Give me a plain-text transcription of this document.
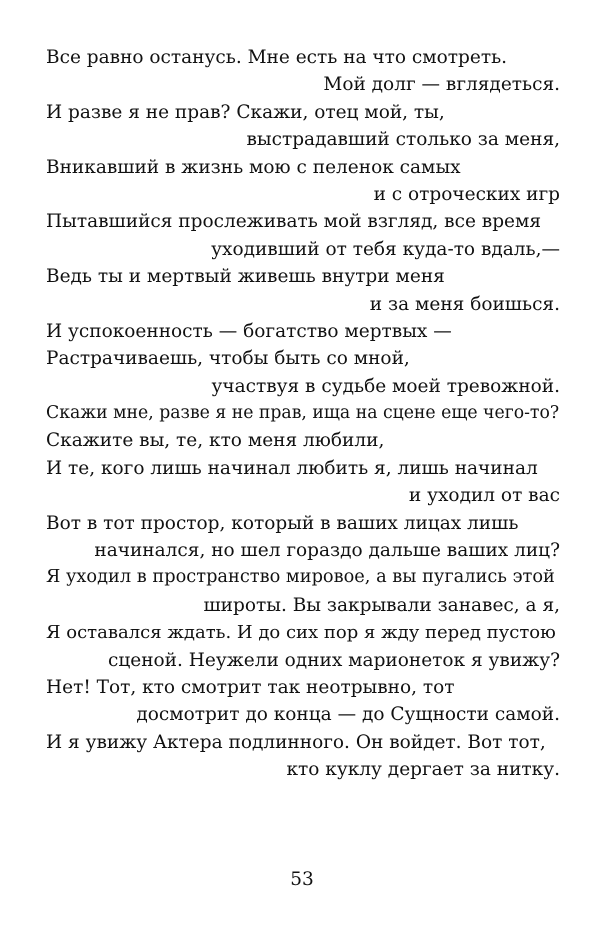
Все равно останусь. Мне есть на что смотреть.
Мой долг — вглядеться.
И разве я не прав? Скажи, отец мой, ты,
выстрадавший столько за меня,
Вникавший в жизнь мою с пеленок самых
и с отроческих игр
Пытавшийся прослеживать мой взгляд, все время
уходивший от тебя куда-то вдаль,—
Ведь ты и мертвый живешь внутри меня
и за меня боишься.
И успокоенность — богатство мертвых —
Растрачиваешь, чтобы быть со мной,
участвуя в судьбе моей тревожной.
Скажи мне, разве я не прав, ища на сцене еще чего-то?
Скажите вы, те, кто меня любили,
И те, кого лишь начинал любить я, лишь начинал
и уходил от вас
Вот в тот простор, который в ваших лицах лишь
начинался, но шел гораздо дальше ваших лиц?
Я уходил в пространство мировое, а вы пугались этой
широты. Вы закрывали занавес, а я,
Я оставался ждать. И до сих пор я жду перед пустою
сценой. Неужели одних марионеток я увижу?
Нет! Тот, кто смотрит так неотрывно, тот
досмотрит до конца — до Сущности самой.
И я увижу Актера подлинного. Он войдет. Вот тот,
кто куклу дергает за нитку.
53
